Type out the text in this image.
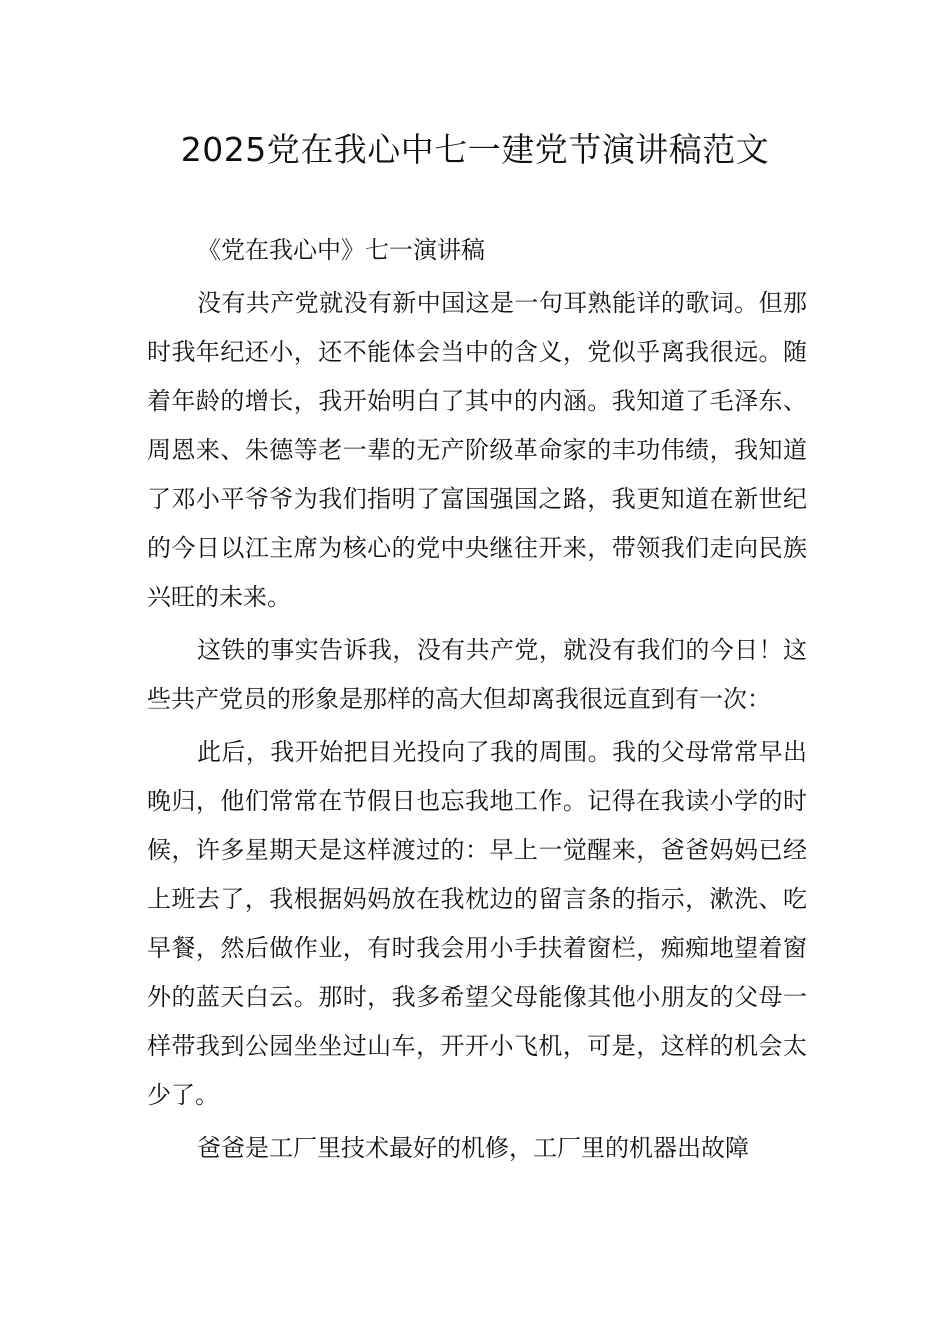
2025党在我心中七一建党节演讲稿范文

《党在我心中》七一演讲稿

没有共产党就没有新中国这是一句耳熟能详的歌词。但那时我年纪还小，还不能体会当中的含义，党似乎离我很远。随着年龄的增长，我开始明白了其中的内涵。我知道了毛泽东、周恩来、朱德等老一辈的无产阶级革命家的丰功伟绩，我知道了邓小平爷爷为我们指明了富国强国之路，我更知道在新世纪的今日以江主席为核心的党中央继往开来，带领我们走向民族兴旺的未来。

这铁的事实告诉我，没有共产党，就没有我们的今日！这些共产党员的形象是那样的高大但却离我很远直到有一次：

此后，我开始把目光投向了我的周围。我的父母常常早出晚归，他们常常在节假日也忘我地工作。记得在我读小学的时候，许多星期天是这样渡过的：早上一觉醒来，爸爸妈妈已经上班去了，我根据妈妈放在我枕边的留言条的指示，漱洗、吃早餐，然后做作业，有时我会用小手扶着窗栏，痴痴地望着窗外的蓝天白云。那时，我多希望父母能像其他小朋友的父母一样带我到公园坐坐过山车，开开小飞机，可是，这样的机会太少了。

爸爸是工厂里技术最好的机修，工厂里的机器出故障
